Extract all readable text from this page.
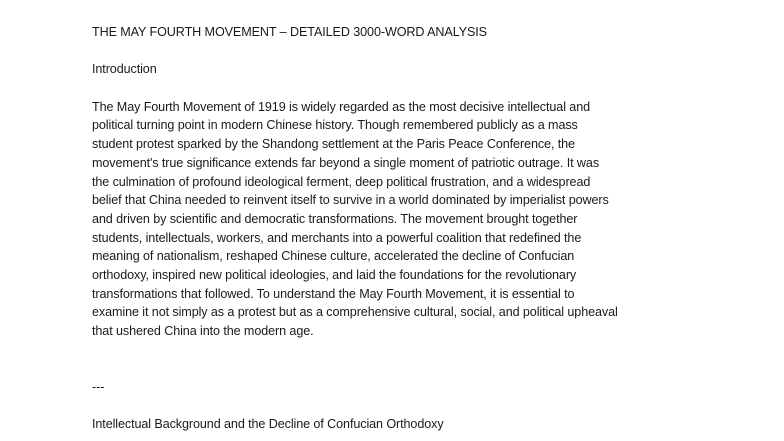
THE MAY FOURTH MOVEMENT – DETAILED 3000-WORD ANALYSIS
Introduction
The May Fourth Movement of 1919 is widely regarded as the most decisive intellectual and
political turning point in modern Chinese history. Though remembered publicly as a mass
student protest sparked by the Shandong settlement at the Paris Peace Conference, the
movement's true significance extends far beyond a single moment of patriotic outrage. It was
the culmination of profound ideological ferment, deep political frustration, and a widespread
belief that China needed to reinvent itself to survive in a world dominated by imperialist powers
and driven by scientific and democratic transformations. The movement brought together
students, intellectuals, workers, and merchants into a powerful coalition that redefined the
meaning of nationalism, reshaped Chinese culture, accelerated the decline of Confucian
orthodoxy, inspired new political ideologies, and laid the foundations for the revolutionary
transformations that followed. To understand the May Fourth Movement, it is essential to
examine it not simply as a protest but as a comprehensive cultural, social, and political upheaval
that ushered China into the modern age.
---
Intellectual Background and the Decline of Confucian Orthodoxy
